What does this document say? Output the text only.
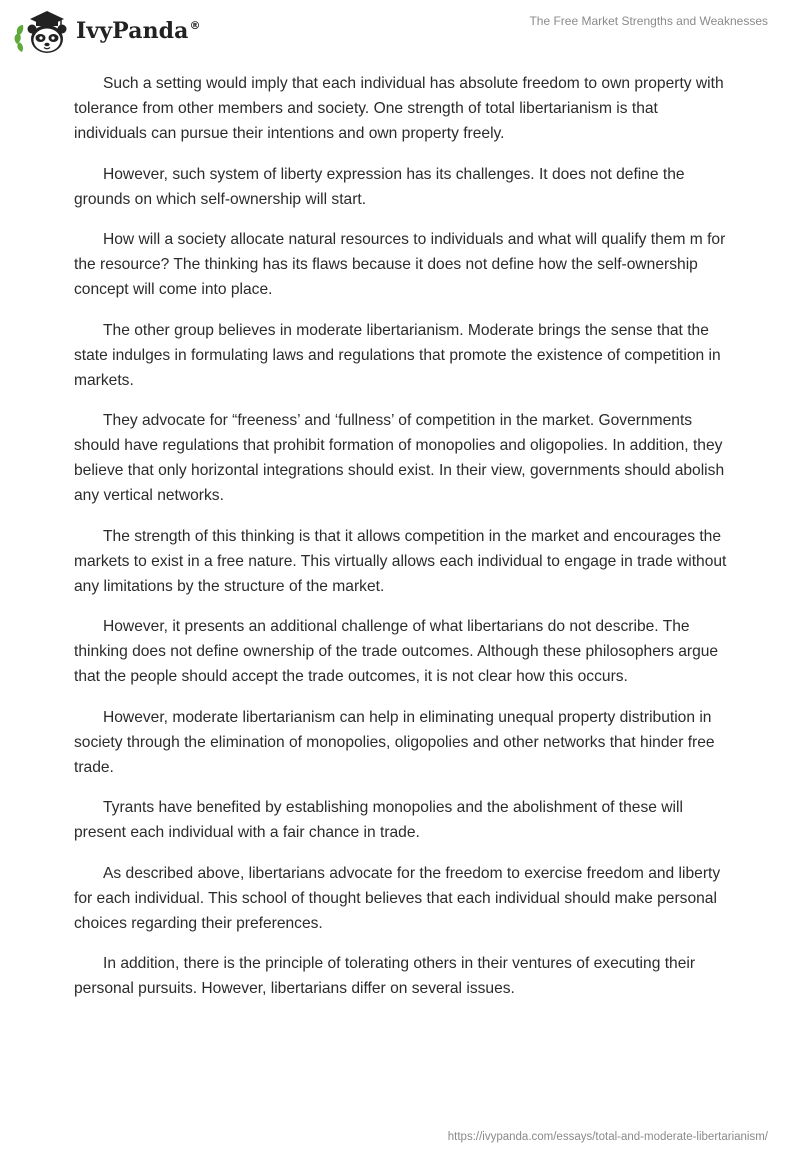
IvyPanda®	The Free Market Strengths and Weaknesses

Such a setting would imply that each individual has absolute freedom to own property with tolerance from other members and society. One strength of total libertarianism is that individuals can pursue their intentions and own property freely.

However, such system of liberty expression has its challenges. It does not define the grounds on which self-ownership will start.

How will a society allocate natural resources to individuals and what will qualify them m for the resource? The thinking has its flaws because it does not define how the self-ownership concept will come into place.

The other group believes in moderate libertarianism. Moderate brings the sense that the state indulges in formulating laws and regulations that promote the existence of competition in markets.

They advocate for “freeness’ and ‘fullness’ of competition in the market. Governments should have regulations that prohibit formation of monopolies and oligopolies. In addition, they believe that only horizontal integrations should exist. In their view, governments should abolish any vertical networks.

The strength of this thinking is that it allows competition in the market and encourages the markets to exist in a free nature. This virtually allows each individual to engage in trade without any limitations by the structure of the market.

However, it presents an additional challenge of what libertarians do not describe. The thinking does not define ownership of the trade outcomes. Although these philosophers argue that the people should accept the trade outcomes, it is not clear how this occurs.

However, moderate libertarianism can help in eliminating unequal property distribution in society through the elimination of monopolies, oligopolies and other networks that hinder free trade.

Tyrants have benefited by establishing monopolies and the abolishment of these will present each individual with a fair chance in trade.

As described above, libertarians advocate for the freedom to exercise freedom and liberty for each individual. This school of thought believes that each individual should make personal choices regarding their preferences.

In addition, there is the principle of tolerating others in their ventures of executing their personal pursuits. However, libertarians differ on several issues.

https://ivypanda.com/essays/total-and-moderate-libertarianism/
